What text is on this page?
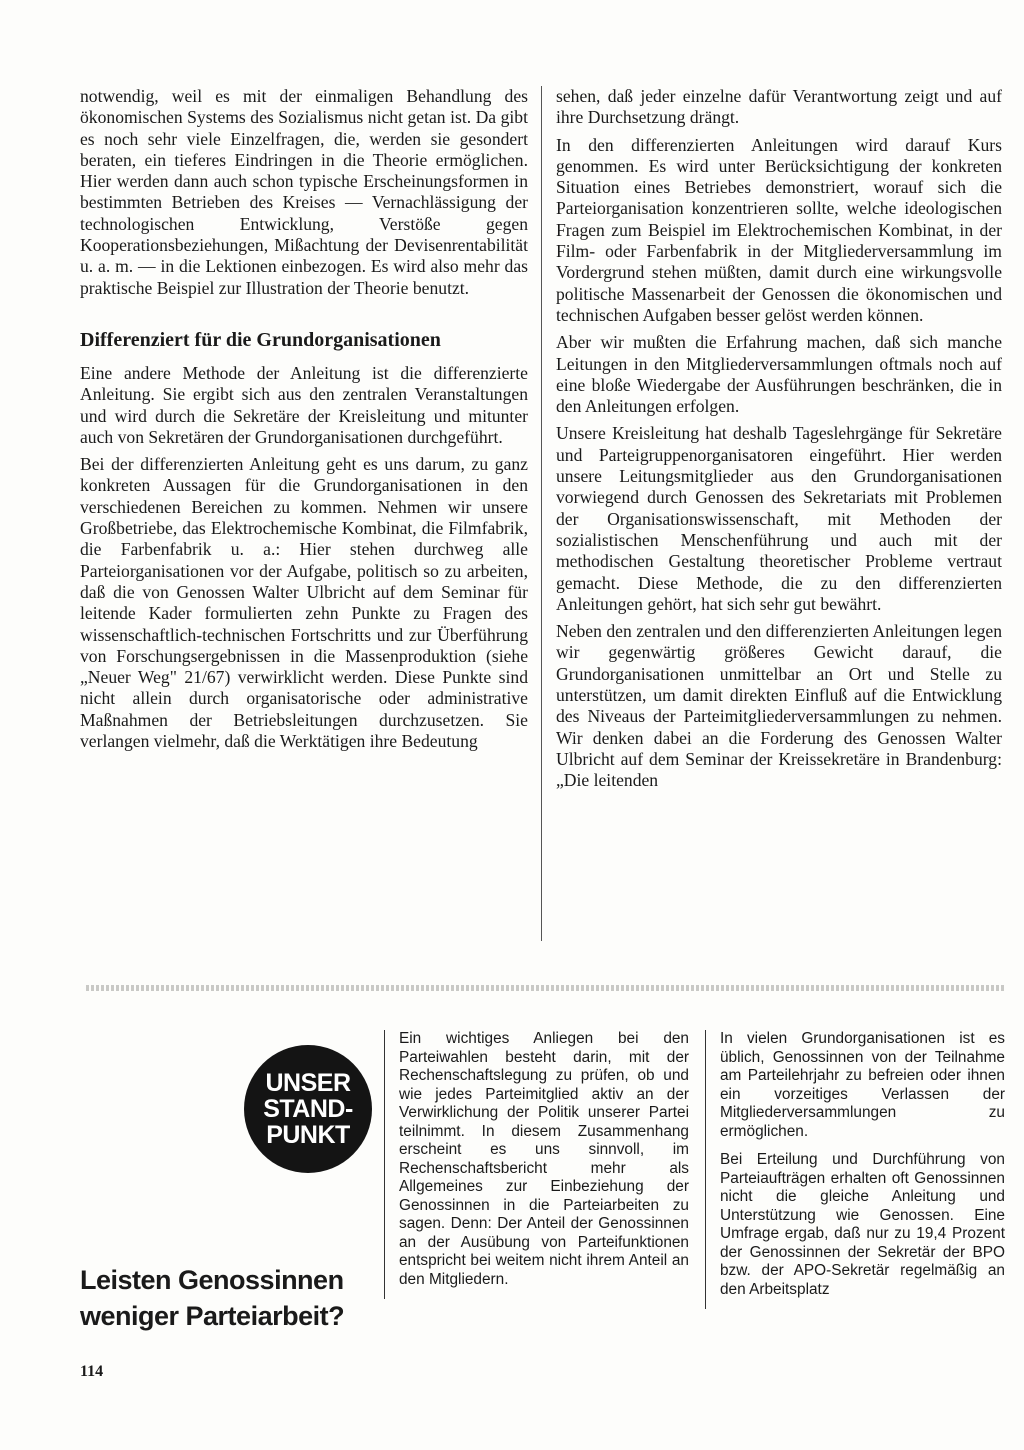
notwendig, weil es mit der einmaligen Behandlung des ökonomischen Systems des Sozialismus nicht getan ist. Da gibt es noch sehr viele Einzelfragen, die, werden sie gesondert beraten, ein tieferes Eindringen in die Theorie ermöglichen. Hier werden dann auch schon typische Erscheinungsformen in bestimmten Betrieben des Kreises — Vernachlässigung der technologischen Entwicklung, Verstöße gegen Kooperationsbeziehungen, Mißachtung der Devisenrentabilität u. a. m. — in die Lektionen einbezogen. Es wird also mehr das praktische Beispiel zur Illustration der Theorie benutzt.

Differenziert für die Grundorganisationen

Eine andere Methode der Anleitung ist die differenzierte Anleitung. Sie ergibt sich aus den zentralen Veranstaltungen und wird durch die Sekretäre der Kreisleitung und mitunter auch von Sekretären der Grundorganisationen durchgeführt.

Bei der differenzierten Anleitung geht es uns darum, zu ganz konkreten Aussagen für die Grundorganisationen in den verschiedenen Bereichen zu kommen. Nehmen wir unsere Großbetriebe, das Elektrochemische Kombinat, die Filmfabrik, die Farbenfabrik u. a.: Hier stehen durchweg alle Parteiorganisationen vor der Aufgabe, politisch so zu arbeiten, daß die von Genossen Walter Ulbricht auf dem Seminar für leitende Kader formulierten zehn Punkte zu Fragen des wissenschaftlich-technischen Fortschritts und zur Überführung von Forschungsergebnissen in die Massenproduktion (siehe „Neuer Weg" 21/67) verwirklicht werden. Diese Punkte sind nicht allein durch organisatorische oder administrative Maßnahmen der Betriebsleitungen durchzusetzen. Sie verlangen vielmehr, daß die Werktätigen ihre Bedeutung

sehen, daß jeder einzelne dafür Verantwortung zeigt und auf ihre Durchsetzung drängt.

In den differenzierten Anleitungen wird darauf Kurs genommen. Es wird unter Berücksichtigung der konkreten Situation eines Betriebes demonstriert, worauf sich die Parteiorganisation konzentrieren sollte, welche ideologischen Fragen zum Beispiel im Elektrochemischen Kombinat, in der Film- oder Farbenfabrik in der Mitgliederversammlung im Vordergrund stehen müßten, damit durch eine wirkungsvolle politische Massenarbeit der Genossen die ökonomischen und technischen Aufgaben besser gelöst werden können.

Aber wir mußten die Erfahrung machen, daß sich manche Leitungen in den Mitgliederversammlungen oftmals noch auf eine bloße Wiedergabe der Ausführungen beschränken, die in den Anleitungen erfolgen.

Unsere Kreisleitung hat deshalb Tageslehrgänge für Sekretäre und Parteigruppenorganisatoren eingeführt. Hier werden unsere Leitungsmitglieder aus den Grundorganisationen vorwiegend durch Genossen des Sekretariats mit Problemen der Organisationswissenschaft, mit Methoden der sozialistischen Menschenführung und auch mit der methodischen Gestaltung theoretischer Probleme vertraut gemacht. Diese Methode, die zu den differenzierten Anleitungen gehört, hat sich sehr gut bewährt.

Neben den zentralen und den differenzierten Anleitungen legen wir gegenwärtig größeres Gewicht darauf, die Grundorganisationen unmittelbar an Ort und Stelle zu unterstützen, um damit direkten Einfluß auf die Entwicklung des Niveaus der Parteimitgliederversammlungen zu nehmen. Wir denken dabei an die Forderung des Genossen Walter Ulbricht auf dem Seminar der Kreissekretäre in Brandenburg: „Die leitenden

UNSER
STAND-
PUNKT
Leisten Genossinnen weniger Parteiarbeit?

Ein wichtiges Anliegen bei den Parteiwahlen besteht darin, mit der Rechenschaftslegung zu prüfen, ob und wie jedes Parteimitglied aktiv an der Verwirklichung der Politik unserer Partei teilnimmt. In diesem Zusammenhang erscheint es uns sinnvoll, im Rechenschaftsbericht mehr als Allgemeines zur Einbeziehung der Genossinnen in die Parteiarbeiten zu sagen. Denn: Der Anteil der Genossinnen an der Ausübung von Parteifunktionen entspricht bei weitem nicht ihrem Anteil an den Mitgliedern.

In vielen Grundorganisationen ist es üblich, Genossinnen von der Teilnahme am Parteilehrjahr zu befreien oder ihnen ein vorzeitiges Verlassen der Mitgliederversammlungen zu ermöglichen.

Bei Erteilung und Durchführung von Parteiaufträgen erhalten oft Genossinnen nicht die gleiche Anleitung und Unterstützung wie Genossen. Eine Umfrage ergab, daß nur zu 19,4 Prozent der Genossinnen der Sekretär der BPO bzw. der APO-Sekretär regelmäßig an den Arbeitsplatz

114
